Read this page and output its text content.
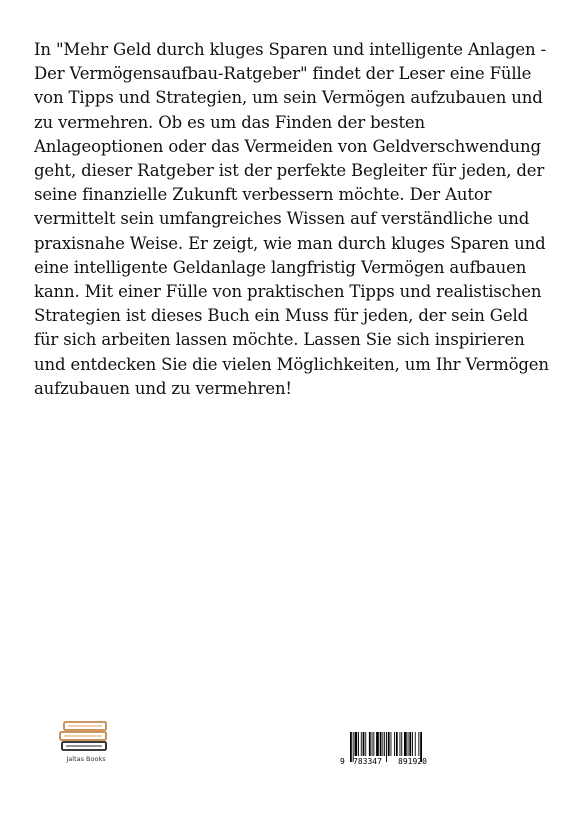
In "Mehr Geld durch kluges Sparen und intelligente Anlagen - Der Vermögensaufbau-Ratgeber" findet der Leser eine Fülle von Tipps und Strategien, um sein Vermögen aufzubauen und zu vermehren. Ob es um das Finden der besten Anlageoptionen oder das Vermeiden von Geldverschwendung geht, dieser Ratgeber ist der perfekte Begleiter für jeden, der seine finanzielle Zukunft verbessern möchte. Der Autor vermittelt sein umfangreiches Wissen auf verständliche und praxisnahe Weise. Er zeigt, wie man durch kluges Sparen und eine intelligente Geldanlage langfristig Vermögen aufbauen kann. Mit einer Fülle von praktischen Tipps und realistischen Strategien ist dieses Buch ein Muss für jeden, der sein Geld für sich arbeiten lassen möchte. Lassen Sie sich inspirieren und entdecken Sie die vielen Möglichkeiten, um Ihr Vermögen aufzubauen und zu vermehren!

Jaltas Books	9 783347 891920
